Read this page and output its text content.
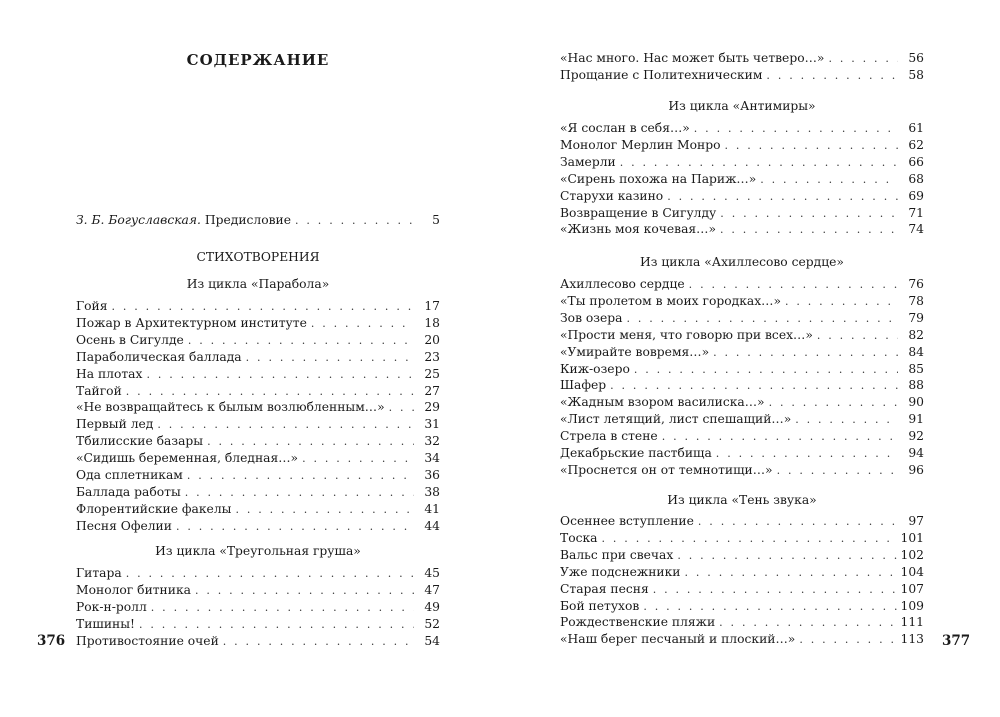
СОДЕРЖАНИЕ
З. Б. Богуславская. Предисловие . . .	5
СТИХОТВОРЕНИЯ
Из цикла «Парабола»
Гойя . . .	17
Пожар в Архитектурном институте . . .	18
Осень в Сигулде . . .	20
Параболическая баллада . . .	23
На плотах . . .	25
Тайгой . . .	27
«Не возвращайтесь к былым возлюбленным…» . . .	29
Первый лед . . .	31
Тбилисские базары . . .	32
«Сидишь беременная, бледная…» . . .	34
Ода сплетникам . . .	36
Баллада работы . . .	38
Флорентийские факелы . . .	41
Песня Офелии . . .	44
Из цикла «Треугольная груша»
Гитара . . .	45
Монолог битника . . .	47
Рок-н-ролл . . .	49
Тишины! . . .	52
Противостояние очей . . .	54
376
«Нас много. Нас может быть четверо…» . . .	56
Прощание с Политехническим . . .	58
Из цикла «Антимиры»
«Я сослан в себя…» . . .	61
Монолог Мерлин Монро . . .	62
Замерли . . .	66
«Сирень похожа на Париж…» . . .	68
Старухи казино . . .	69
Возвращение в Сигулду . . .	71
«Жизнь моя кочевая…» . . .	74
Из цикла «Ахиллесово сердце»
Ахиллесово сердце . . .	76
«Ты пролетом в моих городках…» . . .	78
Зов озера . . .	79
«Прости меня, что говорю при всех…» . . .	82
«Умирайте вовремя…» . . .	84
Киж-озеро . . .	85
Шафер . . .	88
«Жадным взором василиска…» . . .	90
«Лист летящий, лист спешащий…» . . .	91
Стрела в стене . . .	92
Декабрьские пастбища . . .	94
«Проснется он от темнотищи…» . . .	96
Из цикла «Тень звука»
Осеннее вступление . . .	97
Тоска . . .	101
Вальс при свечах . . .	102
Уже подснежники . . .	104
Старая песня . . .	107
Бой петухов . . .	109
Рождественские пляжи . . .	111
«Наш берег песчаный и плоский…» . . .	113 377
